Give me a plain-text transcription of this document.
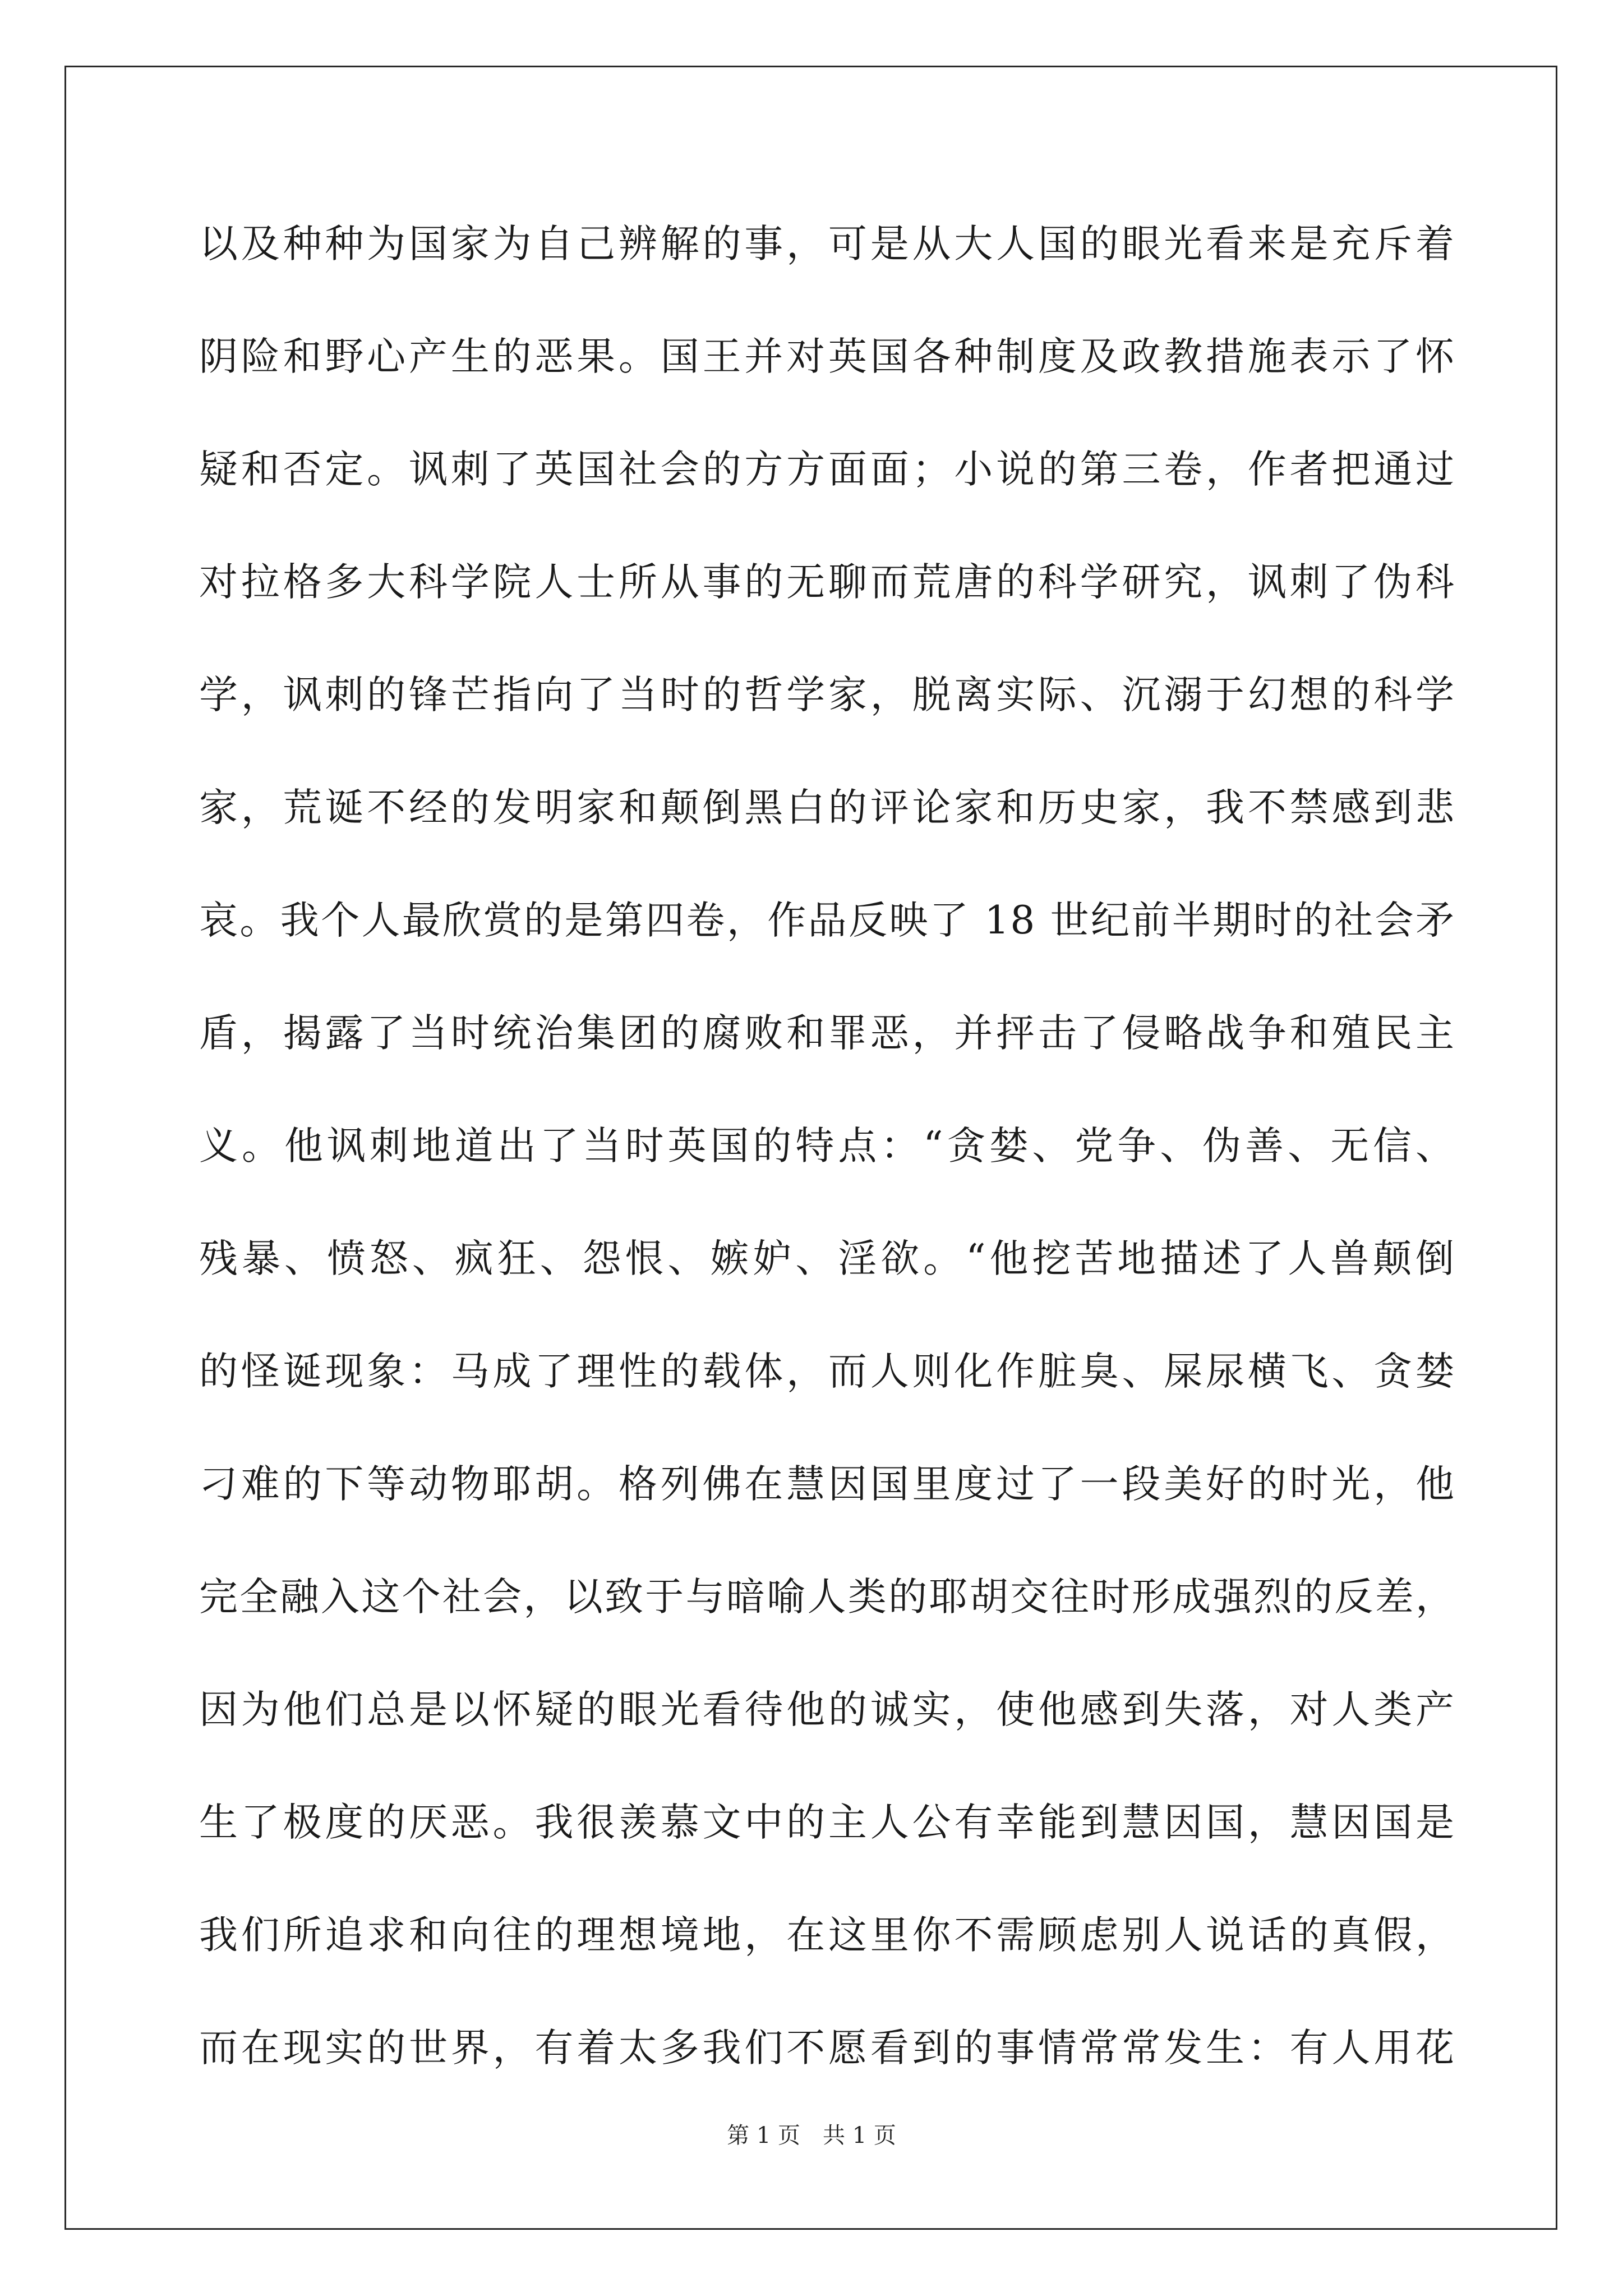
以及种种为国家为自己辨解的事，可是从大人国的眼光看来是充斥着
阴险和野心产生的恶果。国王并对英国各种制度及政教措施表示了怀
疑和否定。讽刺了英国社会的方方面面；小说的第三卷，作者把通过
对拉格多大科学院人士所从事的无聊而荒唐的科学研究，讽刺了伪科
学，讽刺的锋芒指向了当时的哲学家，脱离实际、沉溺于幻想的科学
家，荒诞不经的发明家和颠倒黑白的评论家和历史家，我不禁感到悲
哀。我个人最欣赏的是第四卷，作品反映了 18 世纪前半期时的社会矛
盾，揭露了当时统治集团的腐败和罪恶，并抨击了侵略战争和殖民主
义。他讽刺地道出了当时英国的特点：“贪婪、党争、伪善、无信、
残暴、愤怒、疯狂、怨恨、嫉妒、淫欲。“他挖苦地描述了人兽颠倒
的怪诞现象：马成了理性的载体，而人则化作脏臭、屎尿横飞、贪婪
刁难的下等动物耶胡。格列佛在慧因国里度过了一段美好的时光，他
完全融入这个社会，以致于与暗喻人类的耶胡交往时形成强烈的反差，
因为他们总是以怀疑的眼光看待他的诚实，使他感到失落，对人类产
生了极度的厌恶。我很羡慕文中的主人公有幸能到慧因国，慧因国是
我们所追求和向往的理想境地，在这里你不需顾虑别人说话的真假，
而在现实的世界，有着太多我们不愿看到的事情常常发生：有人用花
第 1 页　共 1 页
